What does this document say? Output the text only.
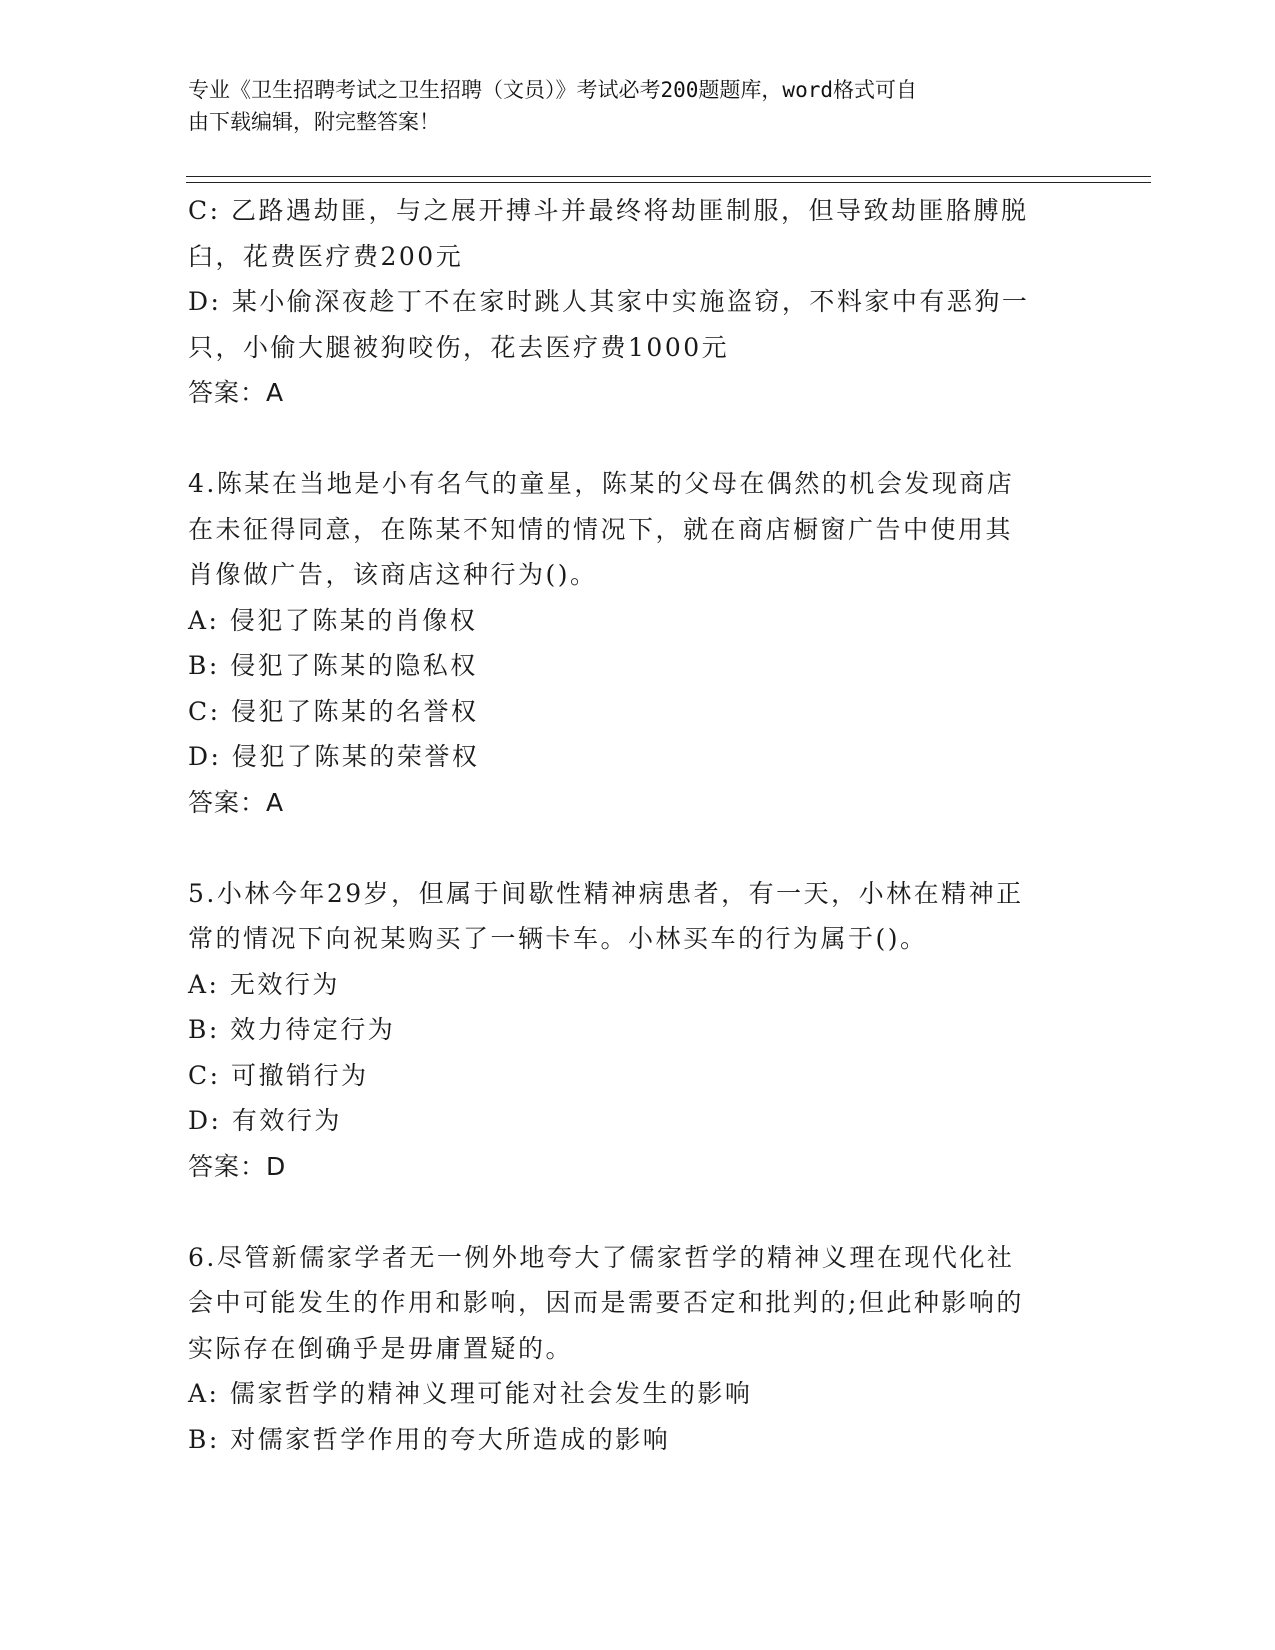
专业《卫生招聘考试之卫生招聘（文员）》考试必考200题题库，word格式可自
由下载编辑，附完整答案！
C: 乙路遇劫匪，与之展开搏斗并最终将劫匪制服，但导致劫匪胳膊脱
臼，花费医疗费200元
D: 某小偷深夜趁丁不在家时跳人其家中实施盗窃，不料家中有恶狗一
只，小偷大腿被狗咬伤，花去医疗费1000元
答案：A
4.陈某在当地是小有名气的童星，陈某的父母在偶然的机会发现商店
在未征得同意，在陈某不知情的情况下，就在商店橱窗广告中使用其
肖像做广告，该商店这种行为()。
A: 侵犯了陈某的肖像权
B: 侵犯了陈某的隐私权
C: 侵犯了陈某的名誉权
D: 侵犯了陈某的荣誉权
答案：A
5.小林今年29岁，但属于间歇性精神病患者，有一天，小林在精神正
常的情况下向祝某购买了一辆卡车。小林买车的行为属于()。
A: 无效行为
B: 效力待定行为
C: 可撤销行为
D: 有效行为
答案：D
6.尽管新儒家学者无一例外地夸大了儒家哲学的精神义理在现代化社
会中可能发生的作用和影响，因而是需要否定和批判的;但此种影响的
实际存在倒确乎是毋庸置疑的。
A: 儒家哲学的精神义理可能对社会发生的影响
B: 对儒家哲学作用的夸大所造成的影响
